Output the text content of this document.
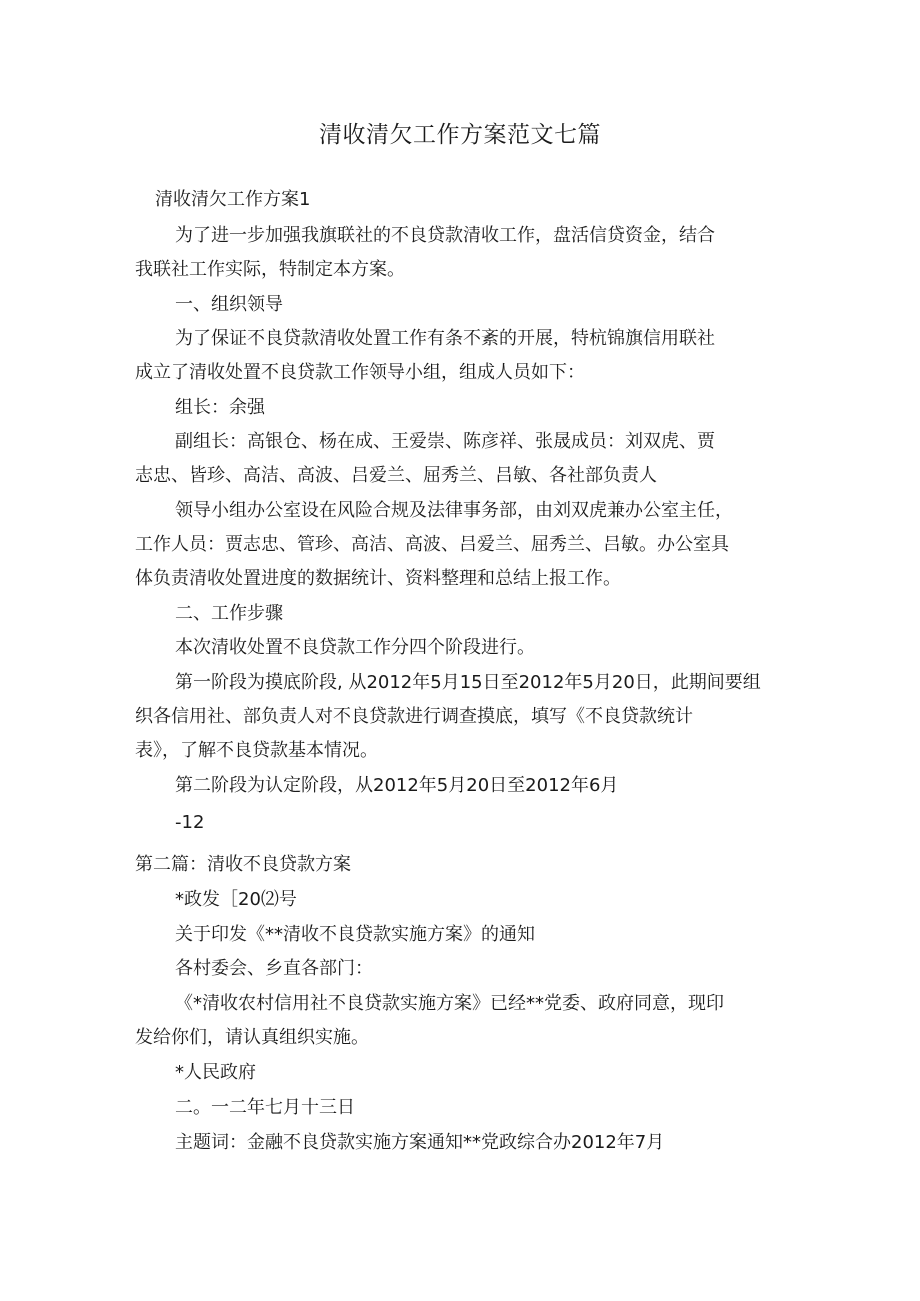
清收清欠工作方案范文七篇
清收清欠工作方案1
为了进一步加强我旗联社的不良贷款清收工作，盘活信贷资金，结合
我联社工作实际，特制定本方案。
一、组织领导
为了保证不良贷款清收处置工作有条不紊的开展，特杭锦旗信用联社
成立了清收处置不良贷款工作领导小组，组成人员如下：
组长：余强
副组长：高银仓、杨在成、王爱崇、陈彦祥、张晟成员：刘双虎、贾
志忠、皆珍、高洁、高波、吕爱兰、屈秀兰、吕敏、各社部负责人
领导小组办公室设在风险合规及法律事务部，由刘双虎兼办公室主任，
工作人员：贾志忠、管珍、高洁、高波、吕爱兰、屈秀兰、吕敏。办公室具
体负责清收处置进度的数据统计、资料整理和总结上报工作。
二、工作步骤
本次清收处置不良贷款工作分四个阶段进行。
第一阶段为摸底阶段, 从2012年5月15日至2012年5月20日，此期间要组
织各信用社、部负责人对不良贷款进行调查摸底，填写《不良贷款统计
表》，了解不良贷款基本情况。
第二阶段为认定阶段，从2012年5月20日至2012年6月
-12
第二篇：清收不良贷款方案
*政发［20⑵号
关于印发《**清收不良贷款实施方案》的通知
各村委会、乡直各部门：
《*清收农村信用社不良贷款实施方案》已经**党委、政府同意，现印
发给你们，请认真组织实施。
*人民政府
二。一二年七月十三日
主题词：金融不良贷款实施方案通知**党政综合办2012年7月
